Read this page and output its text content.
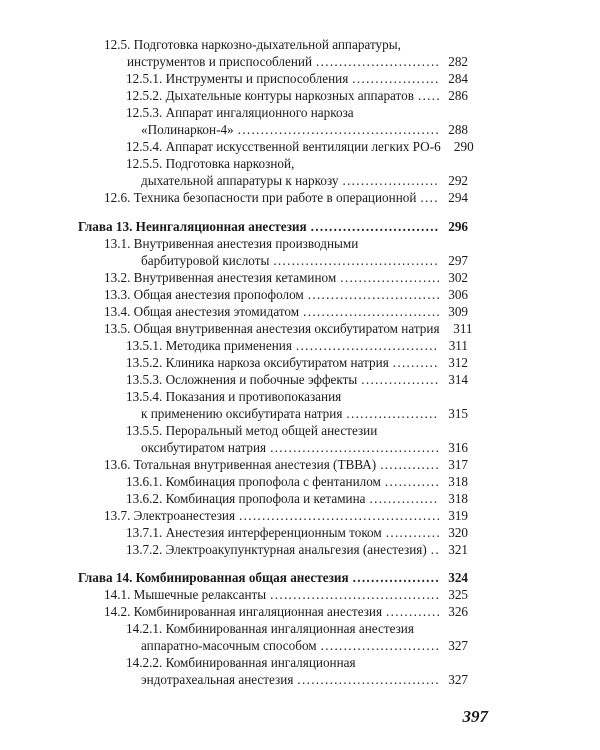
12.5. Подготовка наркозно-дыхательной аппаратуры,
инструментов и приспособлений .....	282
12.5.1. Инструменты и приспособления .....	284
12.5.2. Дыхательные контуры наркозных аппаратов .....	286
12.5.3. Аппарат ингаляционного наркоза
«Полинаркон-4» .....	288
12.5.4. Аппарат искусственной вентиляции легких РО-6	290
12.5.5. Подготовка наркозной,
дыхательной аппаратуры к наркозу .....	292
12.6. Техника безопасности при работе в операционной .....	294
Глава 13. Неингаляционная анестезия .....	296
13.1. Внутривенная анестезия производными
барбитуровой кислоты .....	297
13.2. Внутривенная анестезия кетамином .....	302
13.3. Общая анестезия пропофолом .....	306
13.4. Общая анестезия этомидатом .....	309
13.5. Общая внутривенная анестезия оксибутиратом натрия	311
13.5.1. Методика применения .....	311
13.5.2. Клиника наркоза оксибутиратом натрия .....	312
13.5.3. Осложнения и побочные эффекты .....	314
13.5.4. Показания и противопоказания
к применению оксибутирата натрия .....	315
13.5.5. Пероральный метод общей анестезии
оксибутиратом натрия .....	316
13.6. Тотальная внутривенная анестезия (ТВВА) .....	317
13.6.1. Комбинация пропофола с фентанилом .....	318
13.6.2. Комбинация пропофола и кетамина .....	318
13.7. Электроанестезия .....	319
13.7.1. Анестезия интерференционным током .....	320
13.7.2. Электроакупунктурная анальгезия (анестезия) .....	321
Глава 14. Комбинированная общая анестезия .....	324
14.1. Мышечные релаксанты .....	325
14.2. Комбинированная ингаляционная анестезия .....	326
14.2.1. Комбинированная ингаляционная анестезия
аппаратно-масочным способом .....	327
14.2.2. Комбинированная ингаляционная
эндотрахеальная анестезия .....	327
397
